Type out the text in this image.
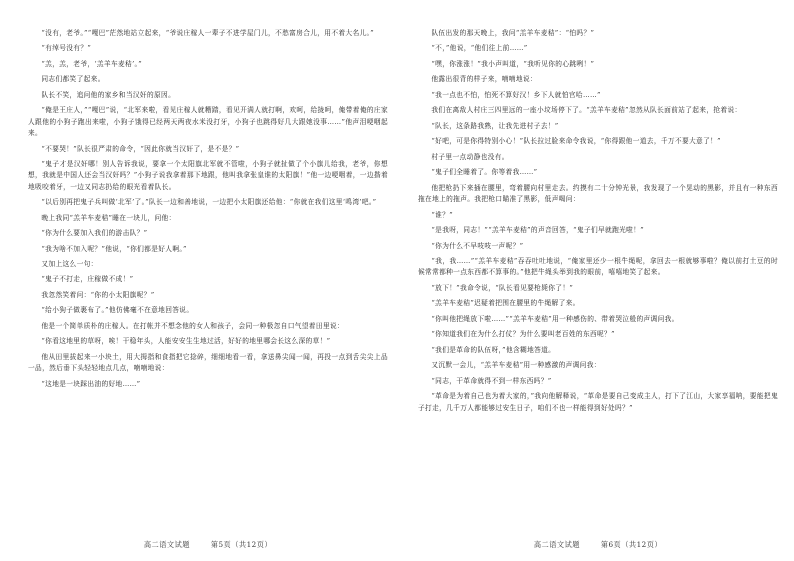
“没有，老爷。”“嘎巴”茫然地站立起来，“爷说庄稼人一辈子不进学屋门儿，不愁富房合儿，用不着大名儿。”

“有绰号没有？”

“羔，羔，老爷，‘羔羊车麦秸’。”

同志们都笑了起来。

队长不笑，追问他的家乡和当汉奸的原因。

“俺是王庄人，”“嘎巴”说，“北军来啦，看见庄稼人就糟踏，看见开满人就打啊，欢呵，给拢呵，俺带着俺的庄家人跟他的小狗子跑出来啦，小狗子饿得已经两天两夜水米没打牙，小狗子也跳得好几大跟她没事……”他声泪哽咽起来。

“不要哭！”队长很严肃的命令，“因此你就当汉奸了，是不是？”

“鬼子才是汉奸哪！别人告诉我说，要拿一个太阳旗北军就不管啦，小狗子就扯做了个小旗儿给我，老爷，你想想，我就是中国人还会当汉奸吗？”小狗子说我拿着那下地跟，他叫我拿张皇谁的太阳旗！”他一边哽咽着，一边揩着地吸咬着牙，一边又同志扔给的眼光看着队长。

“以后别再把鬼子兵叫做‘北军’了。”队长一边和善地说，一边把小太阳旗还给他：“你就在我们这里‘鸣湾’吧。”

晚上我同“羔羊车麦秸”睡在一块儿，问他：

“你为什么要加入我们的游击队？”

“我为啥不加入呢？”他说，“你们都是好人啊。”

又加上这么一句：

“鬼子不打走，庄稼做不成！”

我忽然笑着问：“你的小太阳旗呢？”

“给小狗子做裹布了。”他仿佛毫不在意地回答说。

他是一个简单质朴的庄稼人。在打帐并不想念他的女人和孩子，会同一种极忽自口气望着田里说：

“你看这地里的草呀，唉！干稳年头，人能安安生生地过活，好好的地里哪会长这么深的草！”

他从田里拔起来一小块土，用大拇指和食指把它捻碎，细细地看一看，拿送鼻尖闻一闻，再投一点到舌尖尖上品一品，然后垂下头轻轻地点几点，喃喃地说：

“这地是一块踩出油的好地……”

高二语文试题	第5页（共12页）

队伍出发的那天晚上，我问“羔羊车麦秸”：“怕吗？”

“不，”他说，“他们往上前……”

“嘿，你涨涨！”我小声叫道，“我听见你的心跳咧！”

他露出很背的样子来，喃喃地说：

“我一点也不怕，怕死不算好汉！乡下人就怕官哈……”

我们在离敌人村庄三四里远的一座小坟场停下了。“羔羊车麦秸”忽然从队长面前站了起来，抢着说：

“队长，这条路我熟，让我先进村子去！”

“好吧，可是你得特别小心！”队长拉过脸来命令我说，“你得跟他一道去，千万不要大意了！”

村子里一点动静也没有。

“鬼子们全睡着了。你等着我……”

他把枪扔下来插在腰里，弯着腰向村里走去。约摸有二十分钟光景，我发现了一个晃动的黑影，并且有一种东西拖在地上的拖声。我把枪口瞄准了黑影，低声喝问：

“谁？”

“是我呀，同志！”“羔羊车麦秸”的声音回答，“鬼子们早就跑光啦！”

“你为什么不早吱吱一声呢？”

“我，我……”“羔羊车麦秸”吞吞吐吐地说，“俺家里还少一根牛绳呢，拿回去一根就够事啦？俺以前打土豆的时候常常都种一点东西都不算事的。”他把牛绳头举到我的眼前，嘻嘻地笑了起来。

“放下！”我命令说，“队长看见要枪毙你了！”

“羔羊车麦秸”迟疑着把围在腰里的牛绳解了来。

“你叫他把绳放下啦……”“羔羊车麦秸”用一种感伤的、带着哭泣般的声调问我。

“你知道我们在为什么打仗？为什么要叫老百姓的东西呢？”

“我们是革命的队伍呀，”他含糊地答道。

又沉默一会儿，“羔羊车麦秸”用一种感激的声调问我：

“同志，干革命就得不到一样东西吗？”

“革命是为着自己也为着大家的，”我向他解释说，“革命是要自己变成主人，打下了江山，大家享福呐，要能把鬼子打走，几千万人都能够过安生日子，咱们不也一样能得到好处吗？”

高二语文试题	第6页（共12页）
